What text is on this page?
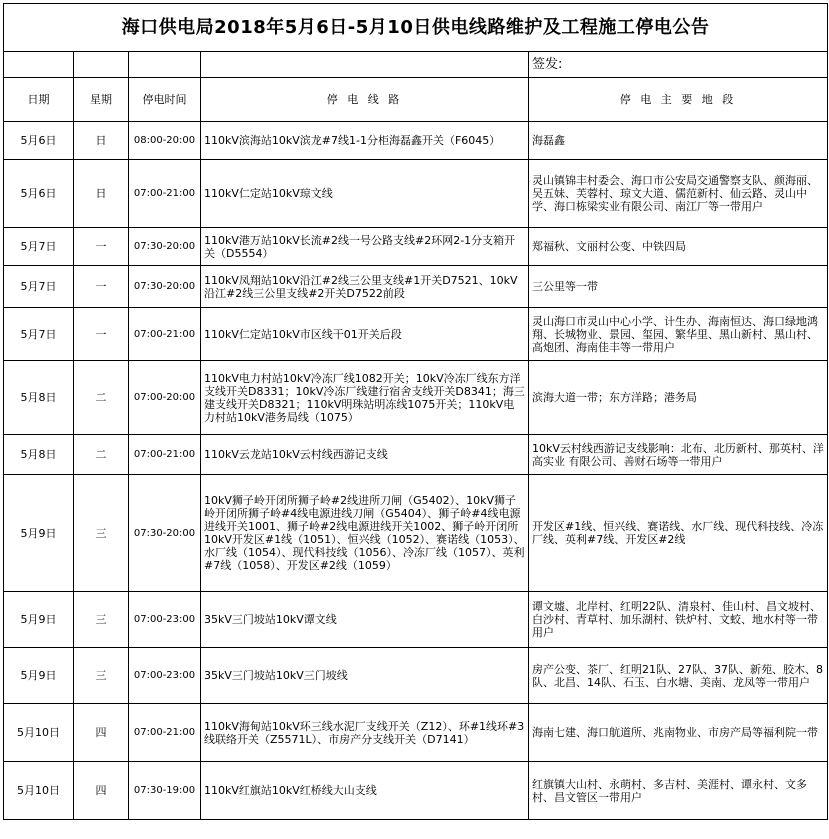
海口供电局2018年5月6日-5月10日供电线路维护及工程施工停电公告				
				签发:
日期	星期	停电时间	停 电 线 路	停 电 主 要 地 段
5月6日	日	08:00-20:00	110kV滨海站10kV滨龙#7线1-1分柜海磊鑫开关（F6045）	海磊鑫
5月6日	日	07:00-21:00	110kV仁定站10kV琼文线	灵山镇锦丰村委会、海口市公安局交通警察支队、颜海丽、吴五妹、芙蓉村、琼文大道、儒范新村、仙云路、灵山中学、海口栋梁实业有限公司、南江厂等一带用户
5月7日	一	07:30-20:00	110kV港万站10kV长流#2线一号公路支线#2环网2-1分支箱开关（D5554）	郑福秋、文丽村公变、中铁四局
5月7日	一	07:30-20:00	110kV凤翔站10kV沿江#2线三公里支线#1开关D7521、10kV沿江#2线三公里支线#2开关D7522前段	三公里等一带
5月7日	一	07:00-21:00	110kV仁定站10kV市区线干01开关后段	灵山海口市灵山中心小学、计生办、海南恒达、海口绿地鸿翔、长城物业、景园、玺园、繁华里、黑山新村、黑山村、高炮团、海南佳丰等一带用户
5月8日	二	07:00-20:00	110kV电力村站10kV冷冻厂线1082开关；10kV冷冻厂线东方洋支线开关D8331；10kV冷冻厂线建行宿舍支线开关D8341；海三建支线开关D8321；110kV明珠站明冻线1075开关；110kV电力村站10kV港务局线（1075）	滨海大道一带；东方洋路；港务局
5月8日	二	07:00-21:00	110kV云龙站10kV云村线西游记支线	10kV云村线西游记支线影响：北布、北历新村、那英村、洋高实业 有限公司、善财石场等一带用户
5月9日	三	07:30-20:00	10kV狮子岭开闭所狮子岭#2线进所刀闸（G5402）、10kV狮子岭开闭所狮子岭#4线电源进线刀闸（G5404）、狮子岭#4线电源进线开关1001、狮子岭#2线电源进线开关1002、狮子岭开闭所10kV开发区#1线（1051）、恒兴线（1052）、赛诺线（1053）、水厂线（1054）、现代科技线（1056）、冷冻厂线（1057）、英利#7线（1058）、开发区#2线（1059）	开发区#1线、恒兴线、赛诺线、水厂线、现代科技线、冷冻厂线、英利#7线、开发区#2线
5月9日	三	07:00-23:00	35kV三门坡站10kV谭文线	谭文墟、北岸村、红明22队、清泉村、佳山村、昌文坡村、白沙村、青草村、加乐湖村、铁炉村、文蛟、地水村等一带用户
5月9日	三	07:00-23:00	35kV三门坡站10kV三门坡线	房产公变、茶厂、红明21队、27队、37队、新苑、胶木、8队、北昌、14队、石玉、白水塘、美南、龙凤等一带用户
5月10日	四	07:00-21:00	110kV海甸站10kV环三线水泥厂支线开关（Z12）、环#1线环#3线联络开关（Z5571L）、市房产分支线开关（D7141）	海南七建、海口航道所、兆南物业、市房产局等福利院一带
5月10日	四	07:30-19:00	110kV红旗站10kV红桥线大山支线	红旗镇大山村、永萌村、多吉村、美涯村、谭永村、文多村、昌文管区一带用户
